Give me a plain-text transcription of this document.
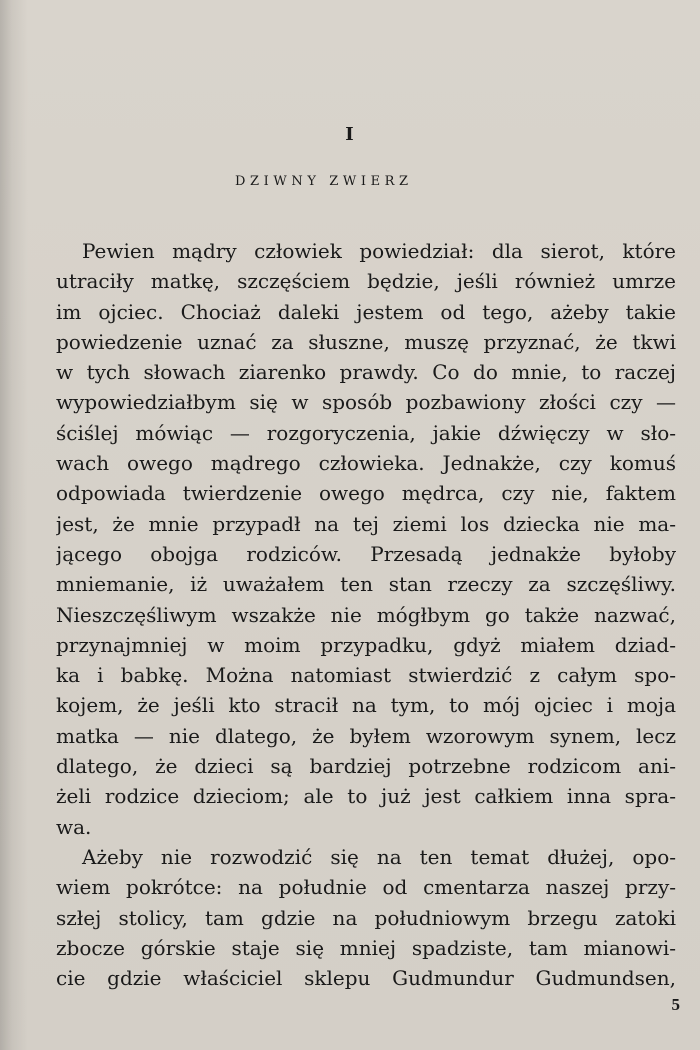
I
DZIWNY ZWIERZ
Pewien mądry człowiek powiedział: dla sierot, które
utraciły matkę, szczęściem będzie, jeśli również umrze
im ojciec. Chociaż daleki jestem od tego, ażeby takie
powiedzenie uznać za słuszne, muszę przyznać, że tkwi
w tych słowach ziarenko prawdy. Co do mnie, to raczej
wypowiedziałbym się w sposób pozbawiony złości czy —
ściślej mówiąc — rozgoryczenia, jakie dźwięczy w sło-
wach owego mądrego człowieka. Jednakże, czy komuś
odpowiada twierdzenie owego mędrca, czy nie, faktem
jest, że mnie przypadł na tej ziemi los dziecka nie ma-
jącego obojga rodziców. Przesadą jednakże byłoby
mniemanie, iż uważałem ten stan rzeczy za szczęśliwy.
Nieszczęśliwym wszakże nie mógłbym go także nazwać,
przynajmniej w moim przypadku, gdyż miałem dziad-
ka i babkę. Można natomiast stwierdzić z całym spo-
kojem, że jeśli kto stracił na tym, to mój ojciec i moja
matka — nie dlatego, że byłem wzorowym synem, lecz
dlatego, że dzieci są bardziej potrzebne rodzicom ani-
żeli rodzice dzieciom; ale to już jest całkiem inna spra-
wa.
Ażeby nie rozwodzić się na ten temat dłużej, opo-
wiem pokrótce: na południe od cmentarza naszej przy-
szłej stolicy, tam gdzie na południowym brzegu zatoki
zbocze górskie staje się mniej spadziste, tam mianowi-
cie gdzie właściciel sklepu Gudmundur Gudmundsen,
5
